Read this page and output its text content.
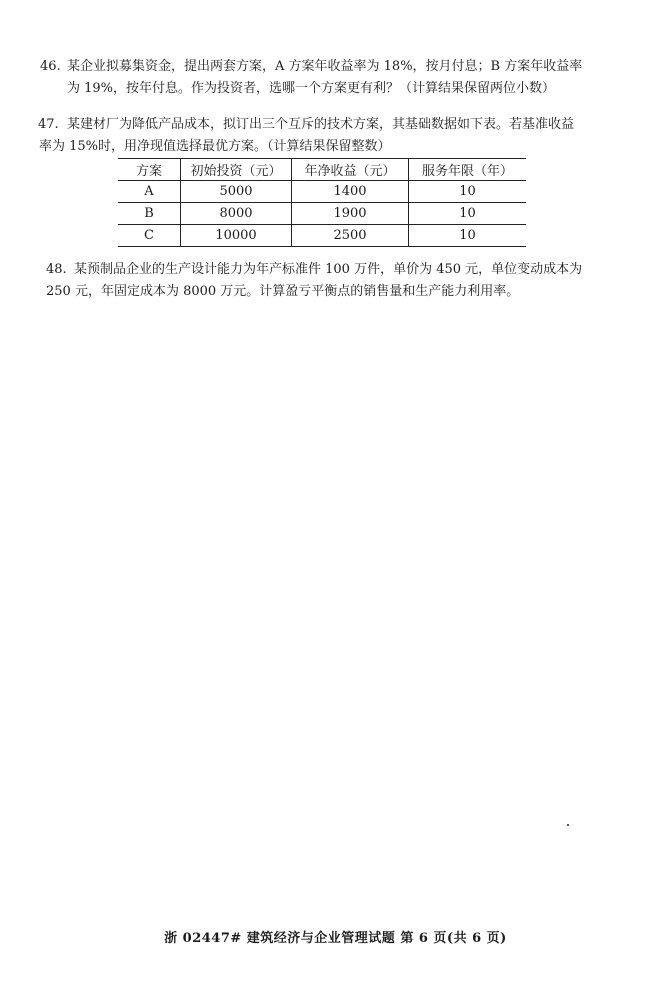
46. 某企业拟募集资金，提出两套方案，A 方案年收益率为 18%，按月付息；B 方案年收益率
为 19%，按年付息。作为投资者，选哪一个方案更有利？（计算结果保留两位小数）
47. 某建材厂为降低产品成本，拟订出三个互斥的技术方案，其基础数据如下表。若基准收益
率为 15%时，用净现值选择最优方案。（计算结果保留整数）
方案	初始投资（元）	年净收益（元）	服务年限（年）
A	5000	1400	10
B	8000	1900	10
C	10000	2500	10
48. 某预制品企业的生产设计能力为年产标准件 100 万件，单价为 450 元，单位变动成本为
250 元，年固定成本为 8000 万元。计算盈亏平衡点的销售量和生产能力利用率。
浙 02447# 建筑经济与企业管理试题 第 6 页(共 6 页)
